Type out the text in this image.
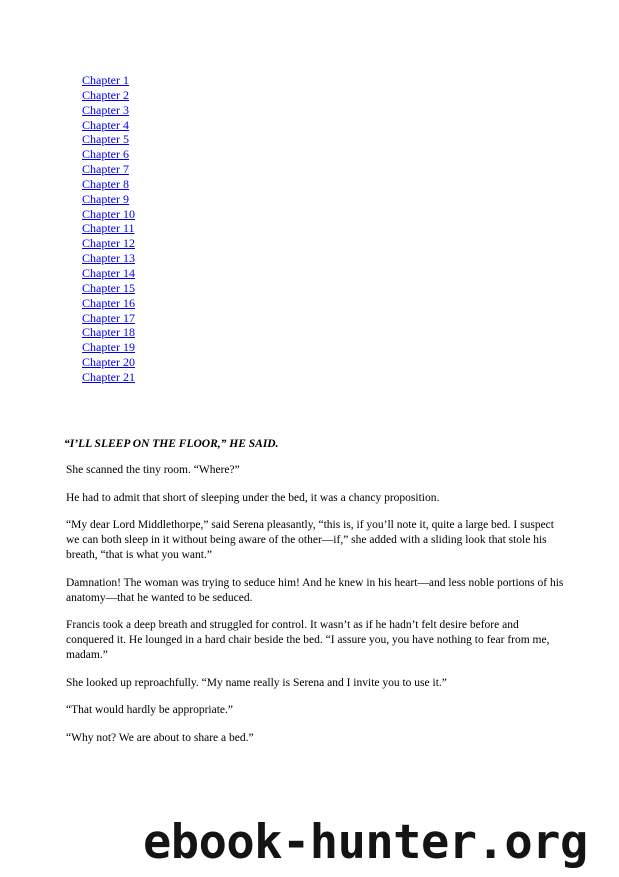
Chapter 1
Chapter 2
Chapter 3
Chapter 4
Chapter 5
Chapter 6
Chapter 7
Chapter 8
Chapter 9
Chapter 10
Chapter 11
Chapter 12
Chapter 13
Chapter 14
Chapter 15
Chapter 16
Chapter 17
Chapter 18
Chapter 19
Chapter 20
Chapter 21

“I’LL SLEEP ON THE FLOOR,” HE SAID.

She scanned the tiny room. “Where?”

He had to admit that short of sleeping under the bed, it was a chancy proposition.

“My dear Lord Middlethorpe,” said Serena pleasantly, “this is, if you’ll note it, quite a large bed. I suspect we can both sleep in it without being aware of the other—if,” she added with a sliding look that stole his breath, “that is what you want.”

Damnation! The woman was trying to seduce him! And he knew in his heart—and less noble portions of his anatomy—that he wanted to be seduced.

Francis took a deep breath and struggled for control. It wasn’t as if he hadn’t felt desire before and conquered it. He lounged in a hard chair beside the bed. “I assure you, you have nothing to fear from me, madam.”

She looked up reproachfully. “My name really is Serena and I invite you to use it.”

“That would hardly be appropriate.”

“Why not? We are about to share a bed.”

ebook-hunter.org
